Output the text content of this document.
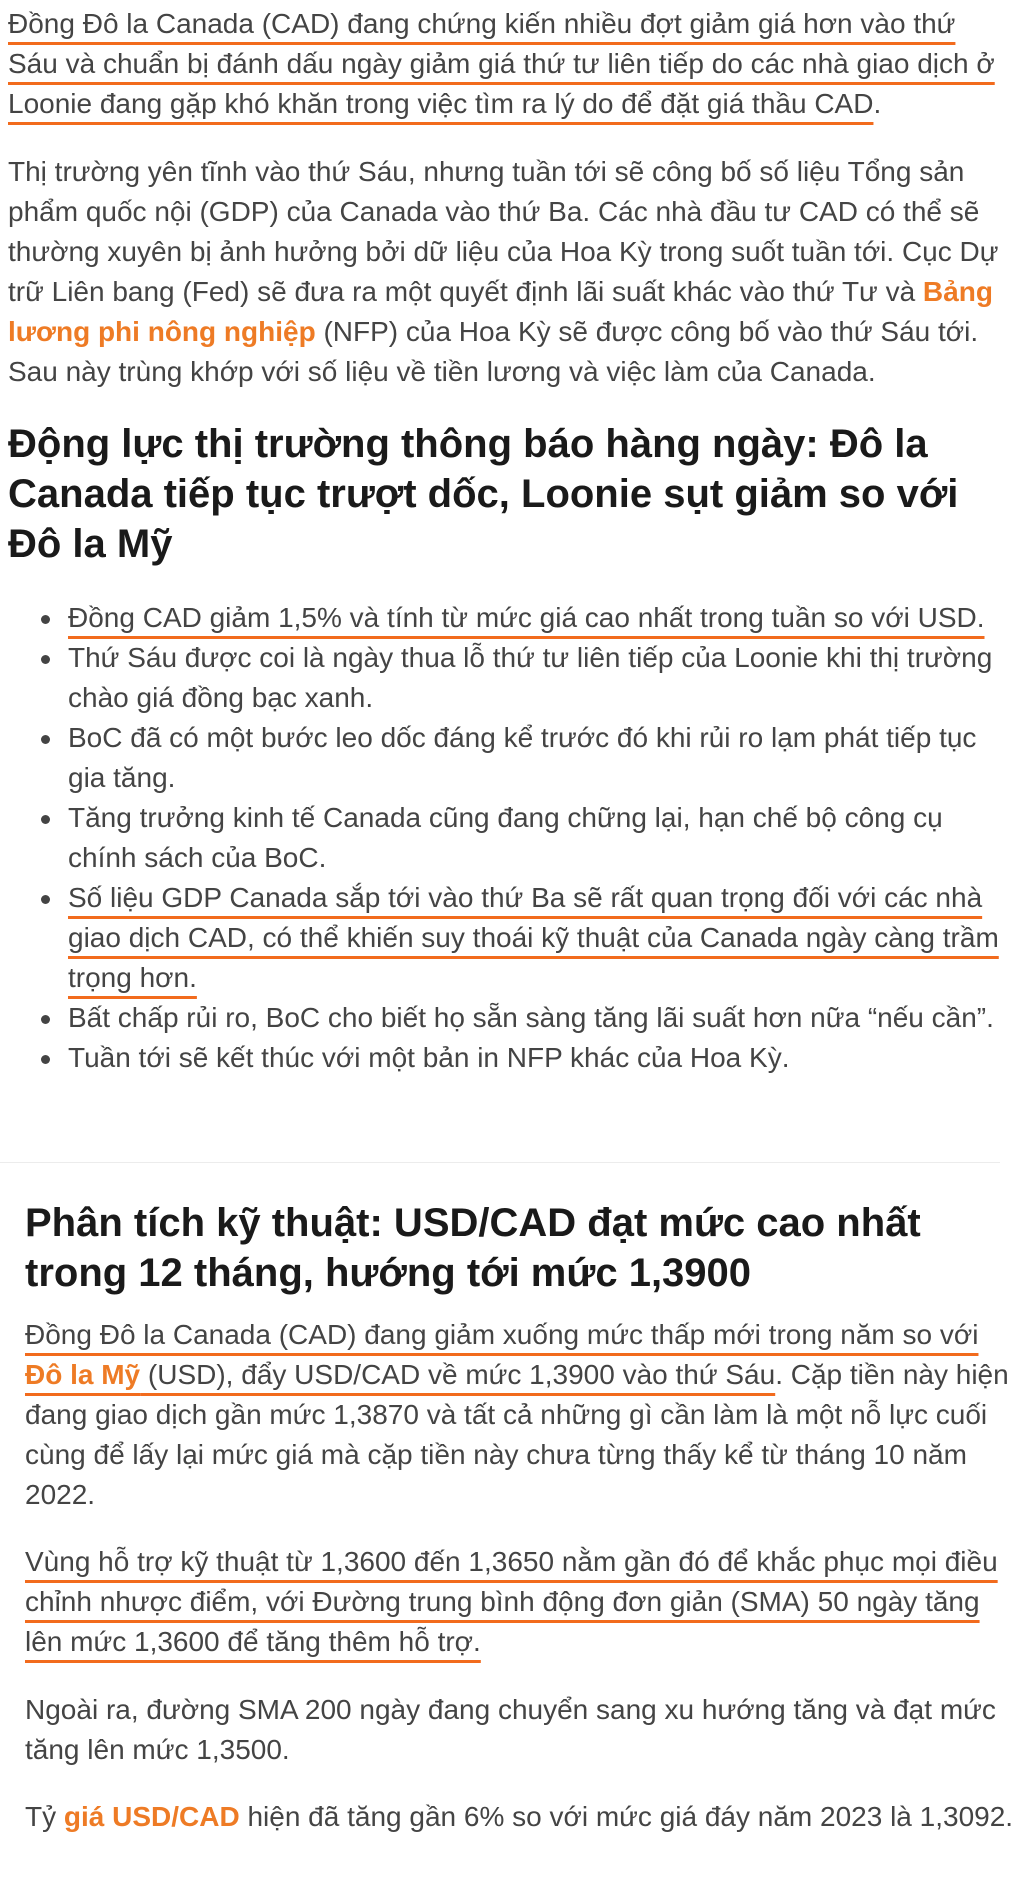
Đồng Đô la Canada (CAD) đang chứng kiến nhiều đợt giảm giá hơn vào thứ Sáu và chuẩn bị đánh dấu ngày giảm giá thứ tư liên tiếp do các nhà giao dịch ở Loonie đang gặp khó khăn trong việc tìm ra lý do để đặt giá thầu CAD.

Thị trường yên tĩnh vào thứ Sáu, nhưng tuần tới sẽ công bố số liệu Tổng sản phẩm quốc nội (GDP) của Canada vào thứ Ba. Các nhà đầu tư CAD có thể sẽ thường xuyên bị ảnh hưởng bởi dữ liệu của Hoa Kỳ trong suốt tuần tới. Cục Dự trữ Liên bang (Fed) sẽ đưa ra một quyết định lãi suất khác vào thứ Tư và Bảng lương phi nông nghiệp (NFP) của Hoa Kỳ sẽ được công bố vào thứ Sáu tới. Sau này trùng khớp với số liệu về tiền lương và việc làm của Canada.

Động lực thị trường thông báo hàng ngày: Đô la Canada tiếp tục trượt dốc, Loonie sụt giảm so với Đô la Mỹ
Đồng CAD giảm 1,5% và tính từ mức giá cao nhất trong tuần so với USD.
Thứ Sáu được coi là ngày thua lỗ thứ tư liên tiếp của Loonie khi thị trường chào giá đồng bạc xanh.
BoC đã có một bước leo dốc đáng kể trước đó khi rủi ro lạm phát tiếp tục gia tăng.
Tăng trưởng kinh tế Canada cũng đang chững lại, hạn chế bộ công cụ chính sách của BoC.
Số liệu GDP Canada sắp tới vào thứ Ba sẽ rất quan trọng đối với các nhà giao dịch CAD, có thể khiến suy thoái kỹ thuật của Canada ngày càng trầm trọng hơn.
Bất chấp rủi ro, BoC cho biết họ sẵn sàng tăng lãi suất hơn nữa “nếu cần”.
Tuần tới sẽ kết thúc với một bản in NFP khác của Hoa Kỳ.
Phân tích kỹ thuật: USD/CAD đạt mức cao nhất trong 12 tháng, hướng tới mức 1,3900

Đồng Đô la Canada (CAD) đang giảm xuống mức thấp mới trong năm so với Đô la Mỹ (USD), đẩy USD/CAD về mức 1,3900 vào thứ Sáu. Cặp tiền này hiện đang giao dịch gần mức 1,3870 và tất cả những gì cần làm là một nỗ lực cuối cùng để lấy lại mức giá mà cặp tiền này chưa từng thấy kể từ tháng 10 năm 2022.

Vùng hỗ trợ kỹ thuật từ 1,3600 đến 1,3650 nằm gần đó để khắc phục mọi điều chỉnh nhược điểm, với Đường trung bình động đơn giản (SMA) 50 ngày tăng lên mức 1,3600 để tăng thêm hỗ trợ.

Ngoài ra, đường SMA 200 ngày đang chuyển sang xu hướng tăng và đạt mức tăng lên mức 1,3500.

Tỷ giá USD/CAD hiện đã tăng gần 6% so với mức giá đáy năm 2023 là 1,3092.
